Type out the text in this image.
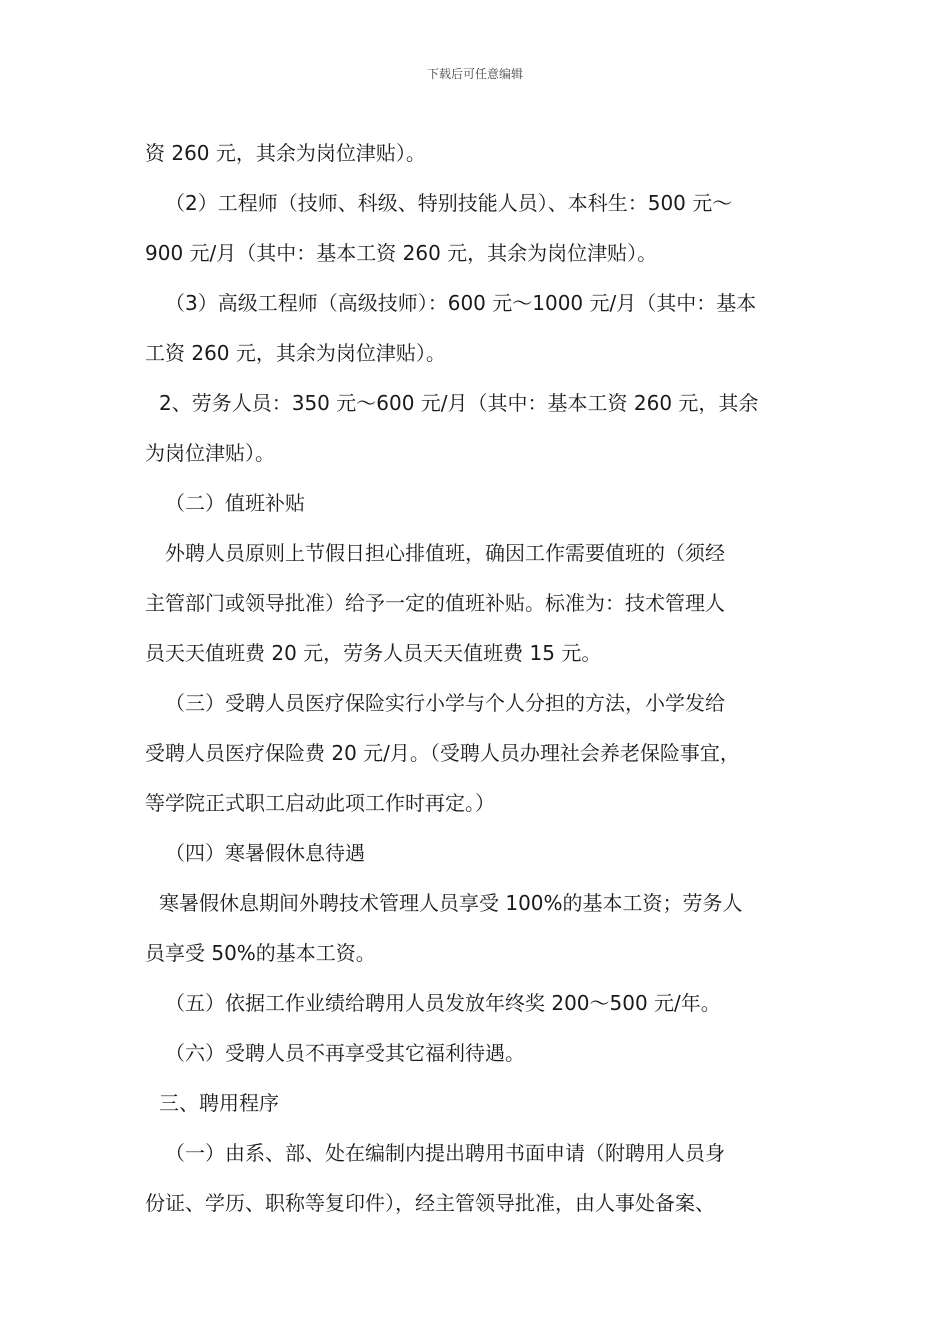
下载后可任意编辑
资 260 元，其余为岗位津贴）。
（2）工程师（技师、科级、特别技能人员）、本科生：500 元～
900 元/月（其中：基本工资 260 元，其余为岗位津贴）。
（3）高级工程师（高级技师）：600 元～1000 元/月（其中：基本
工资 260 元，其余为岗位津贴）。
2、劳务人员：350 元～600 元/月（其中：基本工资 260 元，其余
为岗位津贴）。
（二）值班补贴
外聘人员原则上节假日担心排值班，确因工作需要值班的（须经
主管部门或领导批准）给予一定的值班补贴。标准为：技术管理人
员天天值班费 20 元，劳务人员天天值班费 15 元。
（三）受聘人员医疗保险实行小学与个人分担的方法，小学发给
受聘人员医疗保险费 20 元/月。（受聘人员办理社会养老保险事宜，
等学院正式职工启动此项工作时再定。）
（四）寒暑假休息待遇
寒暑假休息期间外聘技术管理人员享受 100%的基本工资；劳务人
员享受 50%的基本工资。
（五）依据工作业绩给聘用人员发放年终奖 200～500 元/年。
（六）受聘人员不再享受其它福利待遇。
三、聘用程序
（一）由系、部、处在编制内提出聘用书面申请（附聘用人员身
份证、学历、职称等复印件），经主管领导批准，由人事处备案、
